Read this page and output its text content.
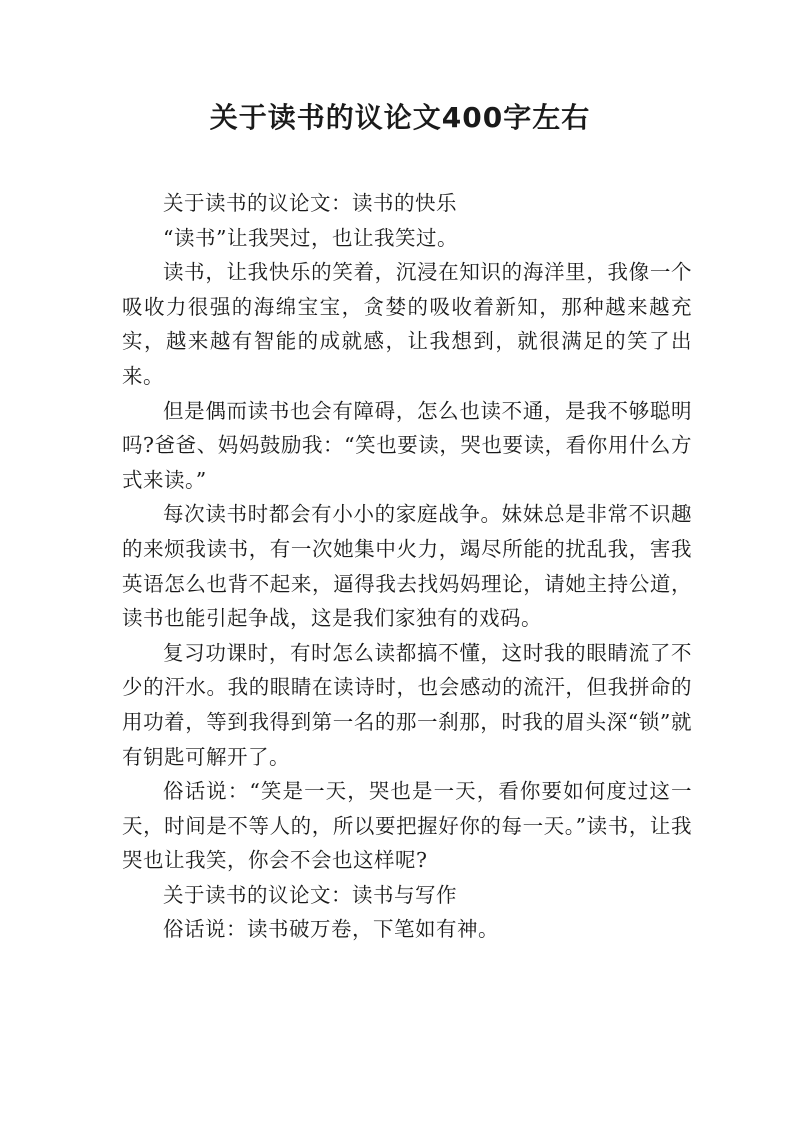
关于读书的议论文400字左右

关于读书的议论文：读书的快乐

“读书”让我哭过，也让我笑过。

读书，让我快乐的笑着，沉浸在知识的海洋里，我像一个吸收力很强的海绵宝宝，贪婪的吸收着新知，那种越来越充实，越来越有智能的成就感，让我想到，就很满足的笑了出来。

但是偶而读书也会有障碍，怎么也读不通，是我不够聪明吗?爸爸、妈妈鼓励我：“笑也要读，哭也要读，看你用什么方式来读。”

每次读书时都会有小小的家庭战争。妹妹总是非常不识趣的来烦我读书，有一次她集中火力，竭尽所能的扰乱我，害我英语怎么也背不起来，逼得我去找妈妈理论，请她主持公道，读书也能引起争战，这是我们家独有的戏码。

复习功课时，有时怎么读都搞不懂，这时我的眼睛流了不少的汗水。我的眼睛在读诗时，也会感动的流汗，但我拼命的用功着，等到我得到第一名的那一刹那，时我的眉头深“锁”就有钥匙可解开了。

俗话说：“笑是一天，哭也是一天，看你要如何度过这一天，时间是不等人的，所以要把握好你的每一天。”读书，让我哭也让我笑，你会不会也这样呢?

关于读书的议论文：读书与写作

俗话说：读书破万卷，下笔如有神。
